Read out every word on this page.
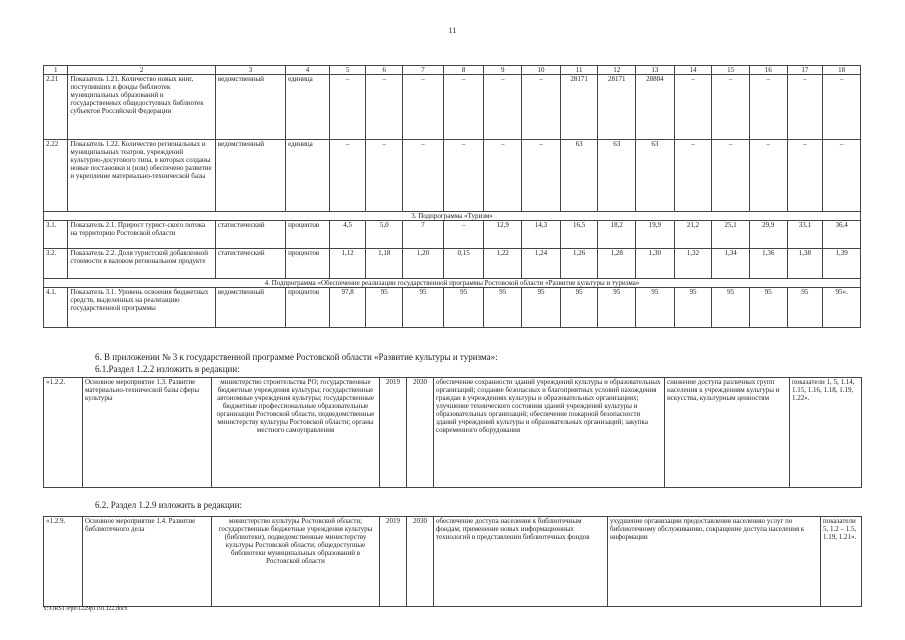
11
1	2	3	4	5	6	7	8	9	10	11	12	13	14	15	16	17	18
2.21	Показатель 1.21. Количество новых книг, поступивших в фонды библиотек муниципальных образований и государственных общедоступных библиотек субъектов Российской Федерации	ведомственный	единица	–	–	–	–	–	–	28171	28171	28884	–	–	–	–	–
2.22	Показатель 1.22. Количество региональных и муниципальных театров, учреждений культурно-досугового типа, в которых созданы новые постановки и (или) обеспечено развитие и укрепление материально-технической базы	ведомственный	единица	–	–	–	–	–	–	63	63	63	–	–	–	–	–
3. Подпрограмма «Туризм»																	
3.1.	Показатель 2.1. Прирост турист-ского потока на территорию Ростовской области	статистический	процентов	4,5	5,0	7	–	12,9	14,3	16,5	18,2	19,9	21,2	25,1	29,9	33,1	36,4
3.2.	Показатель 2.2. Доля туристской добавленной стоимости в валовом региональном продукте	статистический	процентов	1,12	1,18	1,20	0,15	1,22	1,24	1,26	1,28	1,30	1,32	1,34	1,36	1,38	1,39
4. Подпрограмма «Обеспечение реализации государственной программы Ростовской области «Развитие культуры и туризма»																	
4.1.	Показатель 3.1. Уровень освоения бюджетных средств, выделенных на реализацию государственной программы	ведомственный	процентов	97,8	95	95	95	95	95	95	95	95	95	95	95	95	95».
6. В приложении № 3 к государственной программе Ростовской области «Развитие культуры и туризма»:
6.1.Раздел 1.2.2 изложить в редакции:
«1.2.2.	Основное мероприятие 1.3. Развитие материально-технической базы сферы культуры	министерство строительства РО; государственные бюджетные учреждения культуры; государственные автономные учреждения культуры; государственные бюджетные профессиональные образовательные организации Ростовской области, подведомственные министерству культуры Ростовской области; органы местного самоуправления	2019	2030	обеспечение сохранности зданий учреждений культуры и образовательных организаций; создание безопасных и благоприятных условий нахождения граждан в учреждениях культуры и образовательных организациях; улучшение технического состояния зданий учреждений культуры и образовательных организаций; обеспечение пожарной безопасности зданий учреждений культуры и образовательных организаций; закупка современного оборудования	снижение доступа различных групп населения к учреждениям культуры и искусства, культурным ценностям	показатели 1, 5, 1.14, 1.15, 1.16, 1.18, 1.19, 1.22».
6.2. Раздел 1.2.9 изложить в редакции:
«1.2.9.	Основное мероприятие 1.4. Развитие библиотечного дела	министерство культуры Ростовской области; государственные бюджетные учреждения культуры (библиотеки), подведомственные министерству культуры Ростовской области; общедоступные библиотеки муниципальных образований в Ростовской области	2019	2030	обеспечение доступа населения к библиотечным фондам; применение новых информационных технологий в представлении библиотечных фондов	ухудшение организации предоставления населению услуг по библиотечному обслуживанию, сокращение доступа населения к информации	показатели 5, 1.2 – 1.5, 1.19, 1.21».
Y:\ORST\Ppo\1229p1191.f22.docx
